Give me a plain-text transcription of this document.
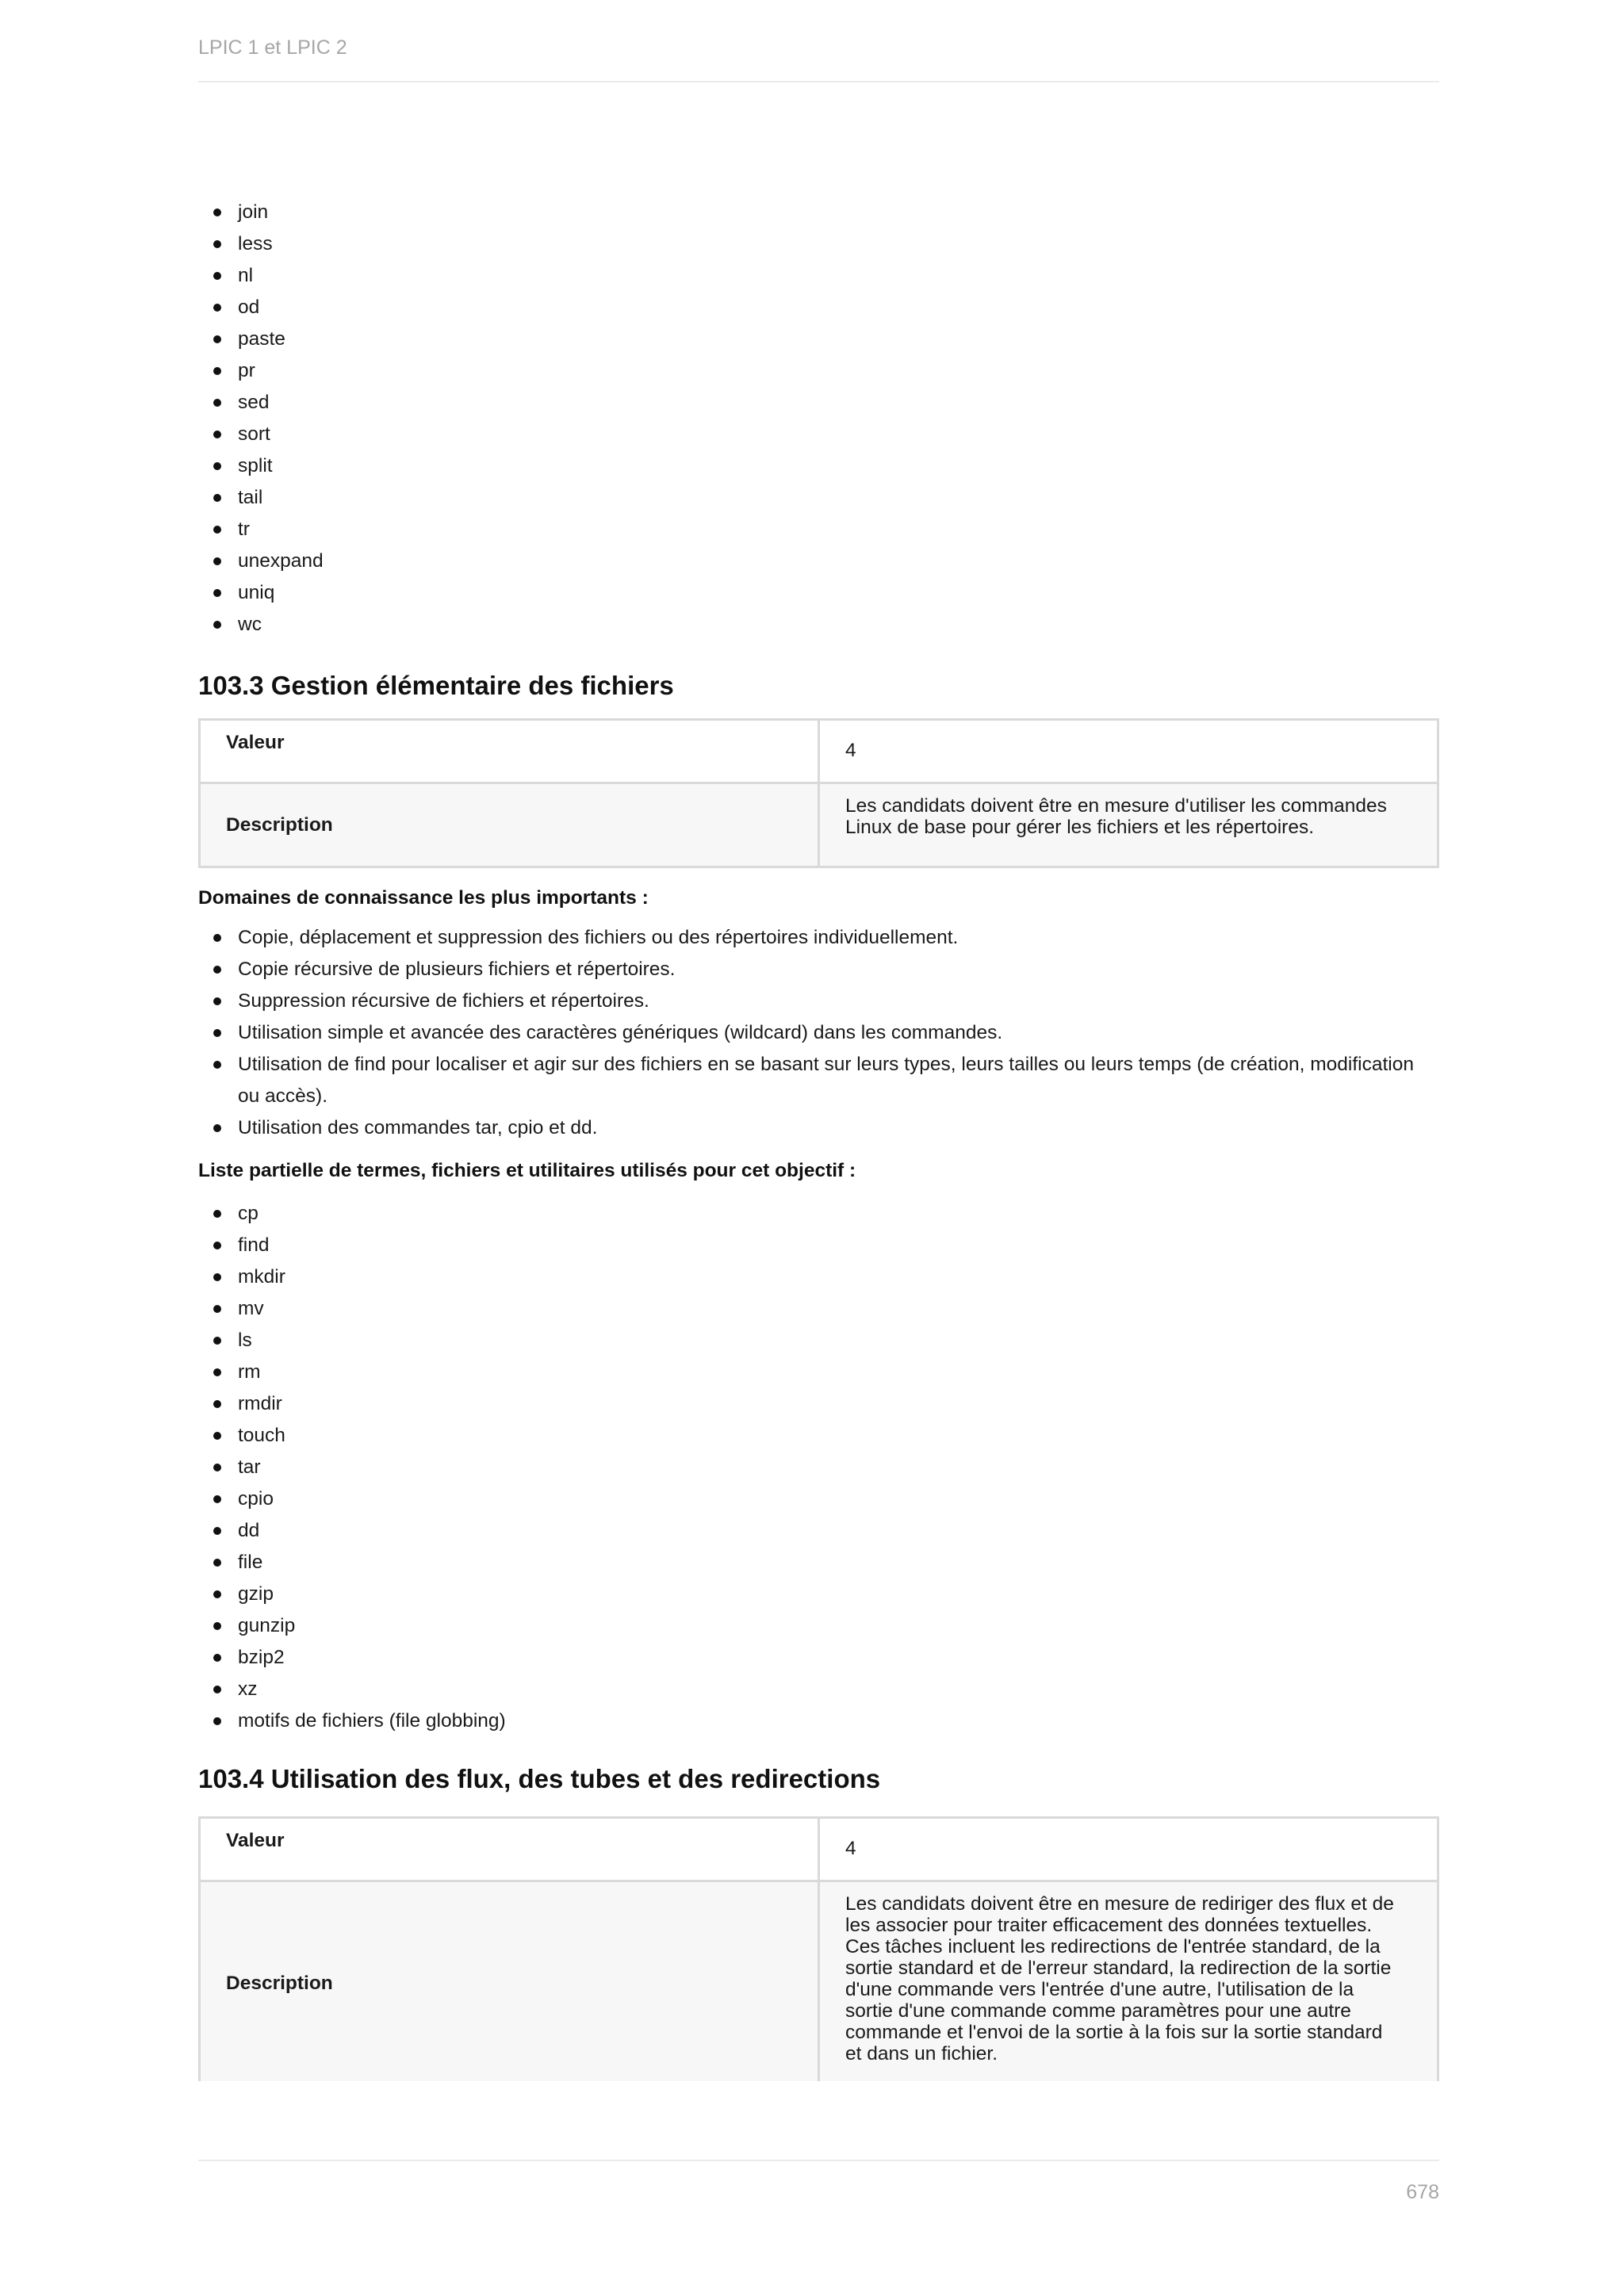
LPIC 1 et LPIC 2
join
less
nl
od
paste
pr
sed
sort
split
tail
tr
unexpand
uniq
wc
103.3 Gestion élémentaire des fichiers
Valeur	4
Description	Les candidats doivent être en mesure d'utiliser les commandes Linux de base pour gérer les fichiers et les répertoires.

Domaines de connaissance les plus importants :

Copie, déplacement et suppression des fichiers ou des répertoires individuellement.
Copie récursive de plusieurs fichiers et répertoires.
Suppression récursive de fichiers et répertoires.
Utilisation simple et avancée des caractères génériques (wildcard) dans les commandes.
Utilisation de find pour localiser et agir sur des fichiers en se basant sur leurs types, leurs tailles ou leurs temps (de création, modification ou accès).
Utilisation des commandes tar, cpio et dd.

Liste partielle de termes, fichiers et utilitaires utilisés pour cet objectif :

cp
find
mkdir
mv
ls
rm
rmdir
touch
tar
cpio
dd
file
gzip
gunzip
bzip2
xz
motifs de fichiers (file globbing)
103.4 Utilisation des flux, des tubes et des redirections
Valeur	4
Description	Les candidats doivent être en mesure de rediriger des flux et de les associer pour traiter efficacement des données textuelles. Ces tâches incluent les redirections de l'entrée standard, de la sortie standard et de l'erreur standard, la redirection de la sortie d'une commande vers l'entrée d'une autre, l'utilisation de la sortie d'une commande comme paramètres pour une autre commande et l'envoi de la sortie à la fois sur la sortie standard et dans un fichier.
678
